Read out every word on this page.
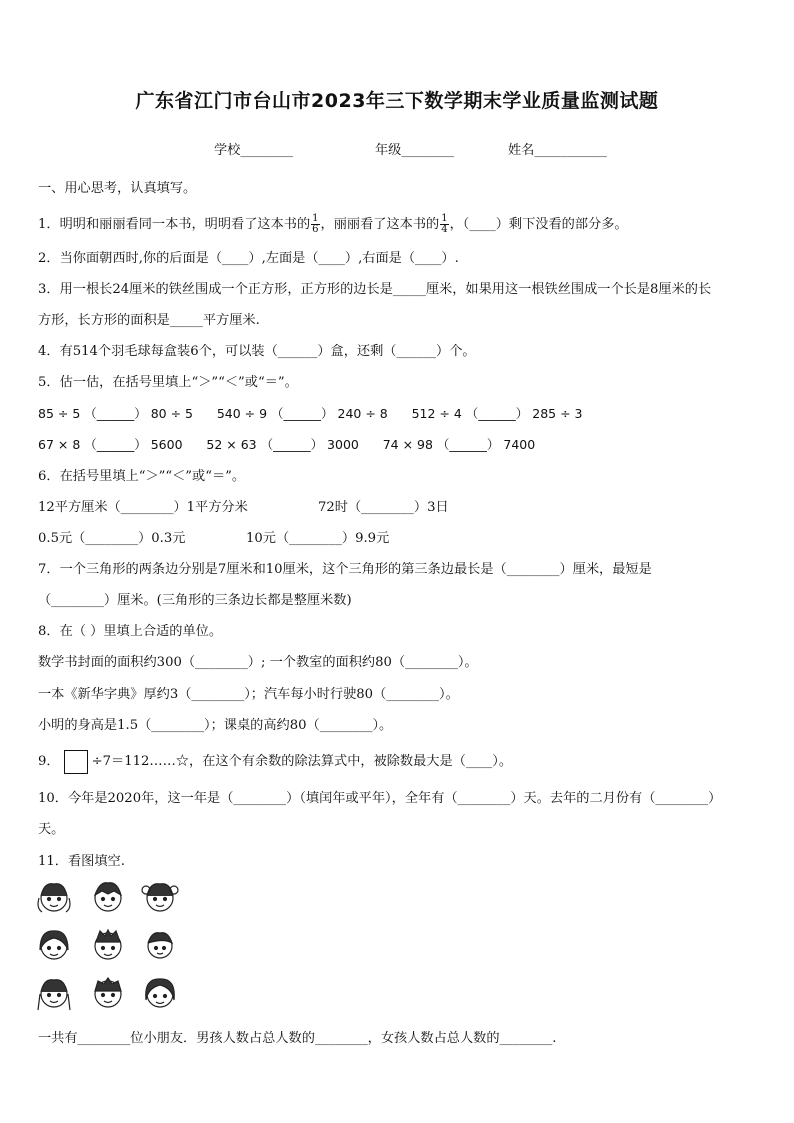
广东省江门市台山市2023年三下数学期末学业质量监测试题
学校________	年级________	姓名___________
一、用心思考，认真填写。
1．明明和丽丽看同一本书，明明看了这本书的 $\frac{1}{6}$ ，丽丽看了这本书的 $\frac{1}{4}$ ，（____）剩下没看的部分多。
2．当你面朝西时,你的后面是（____）,左面是（____）,右面是（____）.
3．用一根长24厘米的铁丝围成一个正方形，正方形的边长是_____厘米，如果用这一根铁丝围成一个长是8厘米的长
方形，长方形的面积是_____平方厘米.
4．有514个羽毛球每盒装6个，可以装（______）盒，还剩（______）个。
5．估一估，在括号里填上“＞”“＜”或“＝”。
85 ÷ 5 （______） 80 ÷ 5      540 ÷ 9 （______） 240 ÷ 8      512 ÷ 4 （______） 285 ÷ 3
67 × 8 （______） 5600      52 × 63 （______） 3000      74 × 98 （______） 7400
6．在括号里填上“＞”“＜”或“＝”。
12平方厘米（________）1平方分米	72时（________）3日
0.5元（________）0.3元	10元（________）9.9元
7．一个三角形的两条边分别是7厘米和10厘米，这个三角形的第三条边最长是（________）厘米，最短是
（________）厘米。(三角形的三条边长都是整厘米数)
8．在（ ）里填上合适的单位。
数学书封面的面积约300（________）; 一个教室的面积约80（________）。
一本《新华字典》厚约3（________）；汽车每小时行驶80（________）。
小明的身高是1.5（________）；课桌的高约80（________）。
9． ÷7＝112……☆，在这个有余数的除法算式中，被除数最大是（____）。
10．今年是2020年，这一年是（________）（填闰年或平年），全年有（________）天。去年的二月份有（________）
天。
11．看图填空.
一共有________位小朋友．男孩人数占总人数的________，女孩人数占总人数的________.
